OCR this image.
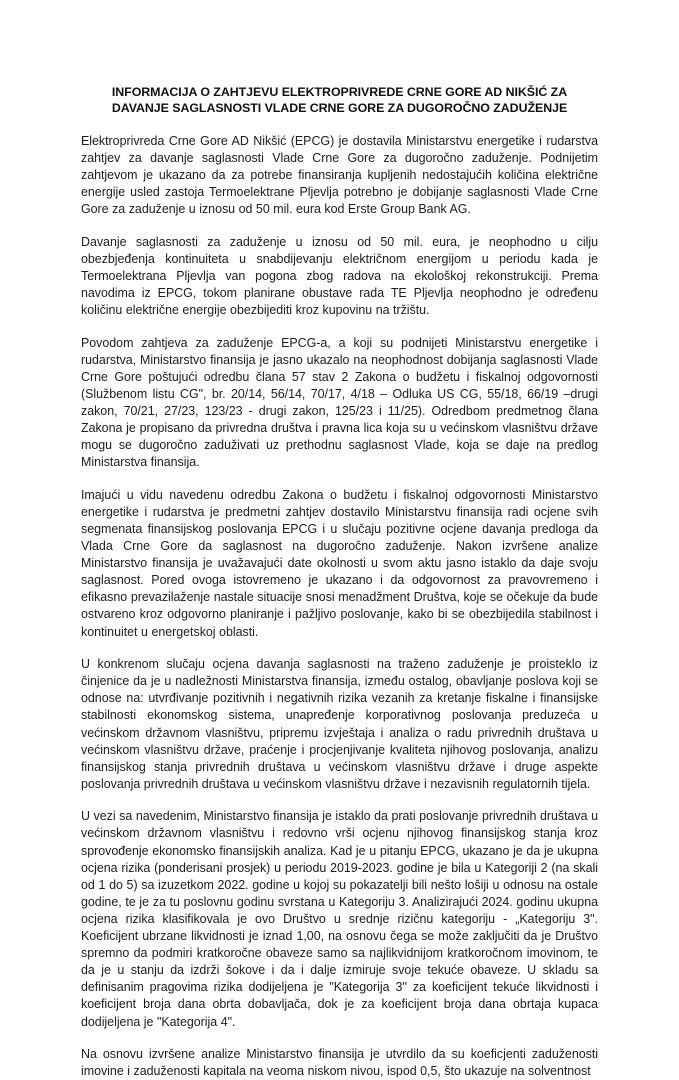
INFORMACIJA O ZAHTJEVU ELEKTROPRIVREDE CRNE GORE AD NIKŠIĆ ZA
DAVANJE SAGLASNOSTI VLADE CRNE GORE ZA DUGOROČNO ZADUŽENJE

Elektroprivreda Crne Gore AD Nikšić (EPCG) je dostavila Ministarstvu energetike i rudarstva zahtjev za davanje saglasnosti Vlade Crne Gore za dugoročno zaduženje. Podnijetim zahtjevom je ukazano da za potrebe finansiranja kupljenih nedostajućih količina električne energije usled zastoja Termoelektrane Pljevlja potrebno je dobijanje saglasnosti Vlade Crne Gore za zaduženje u iznosu od 50 mil. eura kod Erste Group Bank AG.

Davanje saglasnosti za zaduženje u iznosu od 50 mil. eura, je neophodno u cilju obezbjeđenja kontinuiteta u snabdijevanju električnom energijom u periodu kada je Termoelektrana Pljevlja van pogona zbog radova na ekološkoj rekonstrukciji. Prema navodima iz EPCG, tokom planirane obustave rada TE Pljevlja neophodno je određenu količinu električne energije obezbijediti kroz kupovinu na tržištu.

Povodom zahtjeva za zaduženje EPCG-a, a koji su podnijeti Ministarstvu energetike i rudarstva, Ministarstvo finansija je jasno ukazalo na neophodnost dobijanja saglasnosti Vlade Crne Gore poštujući odredbu člana 57 stav 2 Zakona o budžetu i fiskalnoj odgovornosti (Službenom listu CG", br. 20/14, 56/14, 70/17, 4/18 – Odluka US CG, 55/18, 66/19 –drugi zakon, 70/21, 27/23, 123/23 - drugi zakon, 125/23 i 11/25). Odredbom predmetnog člana Zakona je propisano da privredna društva i pravna lica koja su u većinskom vlasništvu države mogu se dugoročno zaduživati uz prethodnu saglasnost Vlade, koja se daje na predlog Ministarstva finansija.

Imajući u vidu navedenu odredbu Zakona o budžetu i fiskalnoj odgovornosti Ministarstvo energetike i rudarstva je predmetni zahtjev dostavilo Ministarstvu finansija radi ocjene svih segmenata finansijskog poslovanja EPCG i u slučaju pozitivne ocjene davanja predloga da Vlada Crne Gore da saglasnost na dugoročno zaduženje. Nakon izvršene analize Ministarstvo finansija je uvažavajući date okolnosti u svom aktu jasno istaklo da daje svoju saglasnost. Pored ovoga istovremeno je ukazano i da odgovornost za pravovremeno i efikasno prevazilaženje nastale situacije snosi menadžment Društva, koje se očekuje da bude ostvareno kroz odgovorno planiranje i pažljivo poslovanje, kako bi se obezbijedila stabilnost i kontinuitet u energetskoj oblasti.

U konkrenom slučaju ocjena davanja saglasnosti na traženo zaduženje je proisteklo iz činjenice da je u nadležnosti Ministarstva finansija, između ostalog, obavljanje poslova koji se odnose na: utvrđivanje pozitivnih i negativnih rizika vezanih za kretanje fiskalne i finansijske stabilnosti ekonomskog sistema, unapređenje korporativnog poslovanja preduzeća u većinskom državnom vlasništvu, pripremu izvještaja i analiza o radu privrednih društava u većinskom vlasništvu države, praćenje i procjenjivanje kvaliteta njihovog poslovanja, analizu finansijskog stanja privrednih društava u većinskom vlasništvu države i druge aspekte poslovanja privrednih društava u većinskom vlasništvu države i nezavisnih regulatornih tijela.

U vezi sa navedenim, Ministarstvo finansija je istaklo da prati poslovanje privrednih društava u većinskom državnom vlasništvu i redovno vrši ocjenu njihovog finansijskog stanja kroz sprovođenje ekonomsko finansijskih analiza. Kad je u pitanju EPCG, ukazano je da je ukupna ocjena rizika (ponderisani prosjek) u periodu 2019-2023. godine je bila u Kategoriji 2 (na skali od 1 do 5) sa izuzetkom 2022. godine u kojoj su pokazatelji bili nešto lošiji u odnosu na ostale godine, te je za tu poslovnu godinu svrstana u Kategoriju 3. Analizirajući 2024. godinu ukupna ocjena rizika klasifikovala je ovo Društvo u srednje rizičnu kategoriju - „Kategoriju 3". Koeficijent ubrzane likvidnosti je iznad 1,00, na osnovu čega se može zaključiti da je Društvo spremno da podmiri kratkoročne obaveze samo sa najlikvidnijom kratkoročnom imovinom, te da je u stanju da izdrži šokove i da i dalje izmiruje svoje tekuće obaveze. U skladu sa definisanim pragovima rizika dodijeljena je "Kategorija 3" za koeficijent tekuće likvidnosti i koeficijent broja dana obrta dobavljača, dok je za koeficijent broja dana obrtaja kupaca dodijeljena je "Kategorija 4".

Na osnovu izvršene analize Ministarstvo finansija je utvrdilo da su koeficjenti zaduženosti imovine i zaduženosti kapitala na veoma niskom nivou, ispod 0,5, što ukazuje na solventnost
